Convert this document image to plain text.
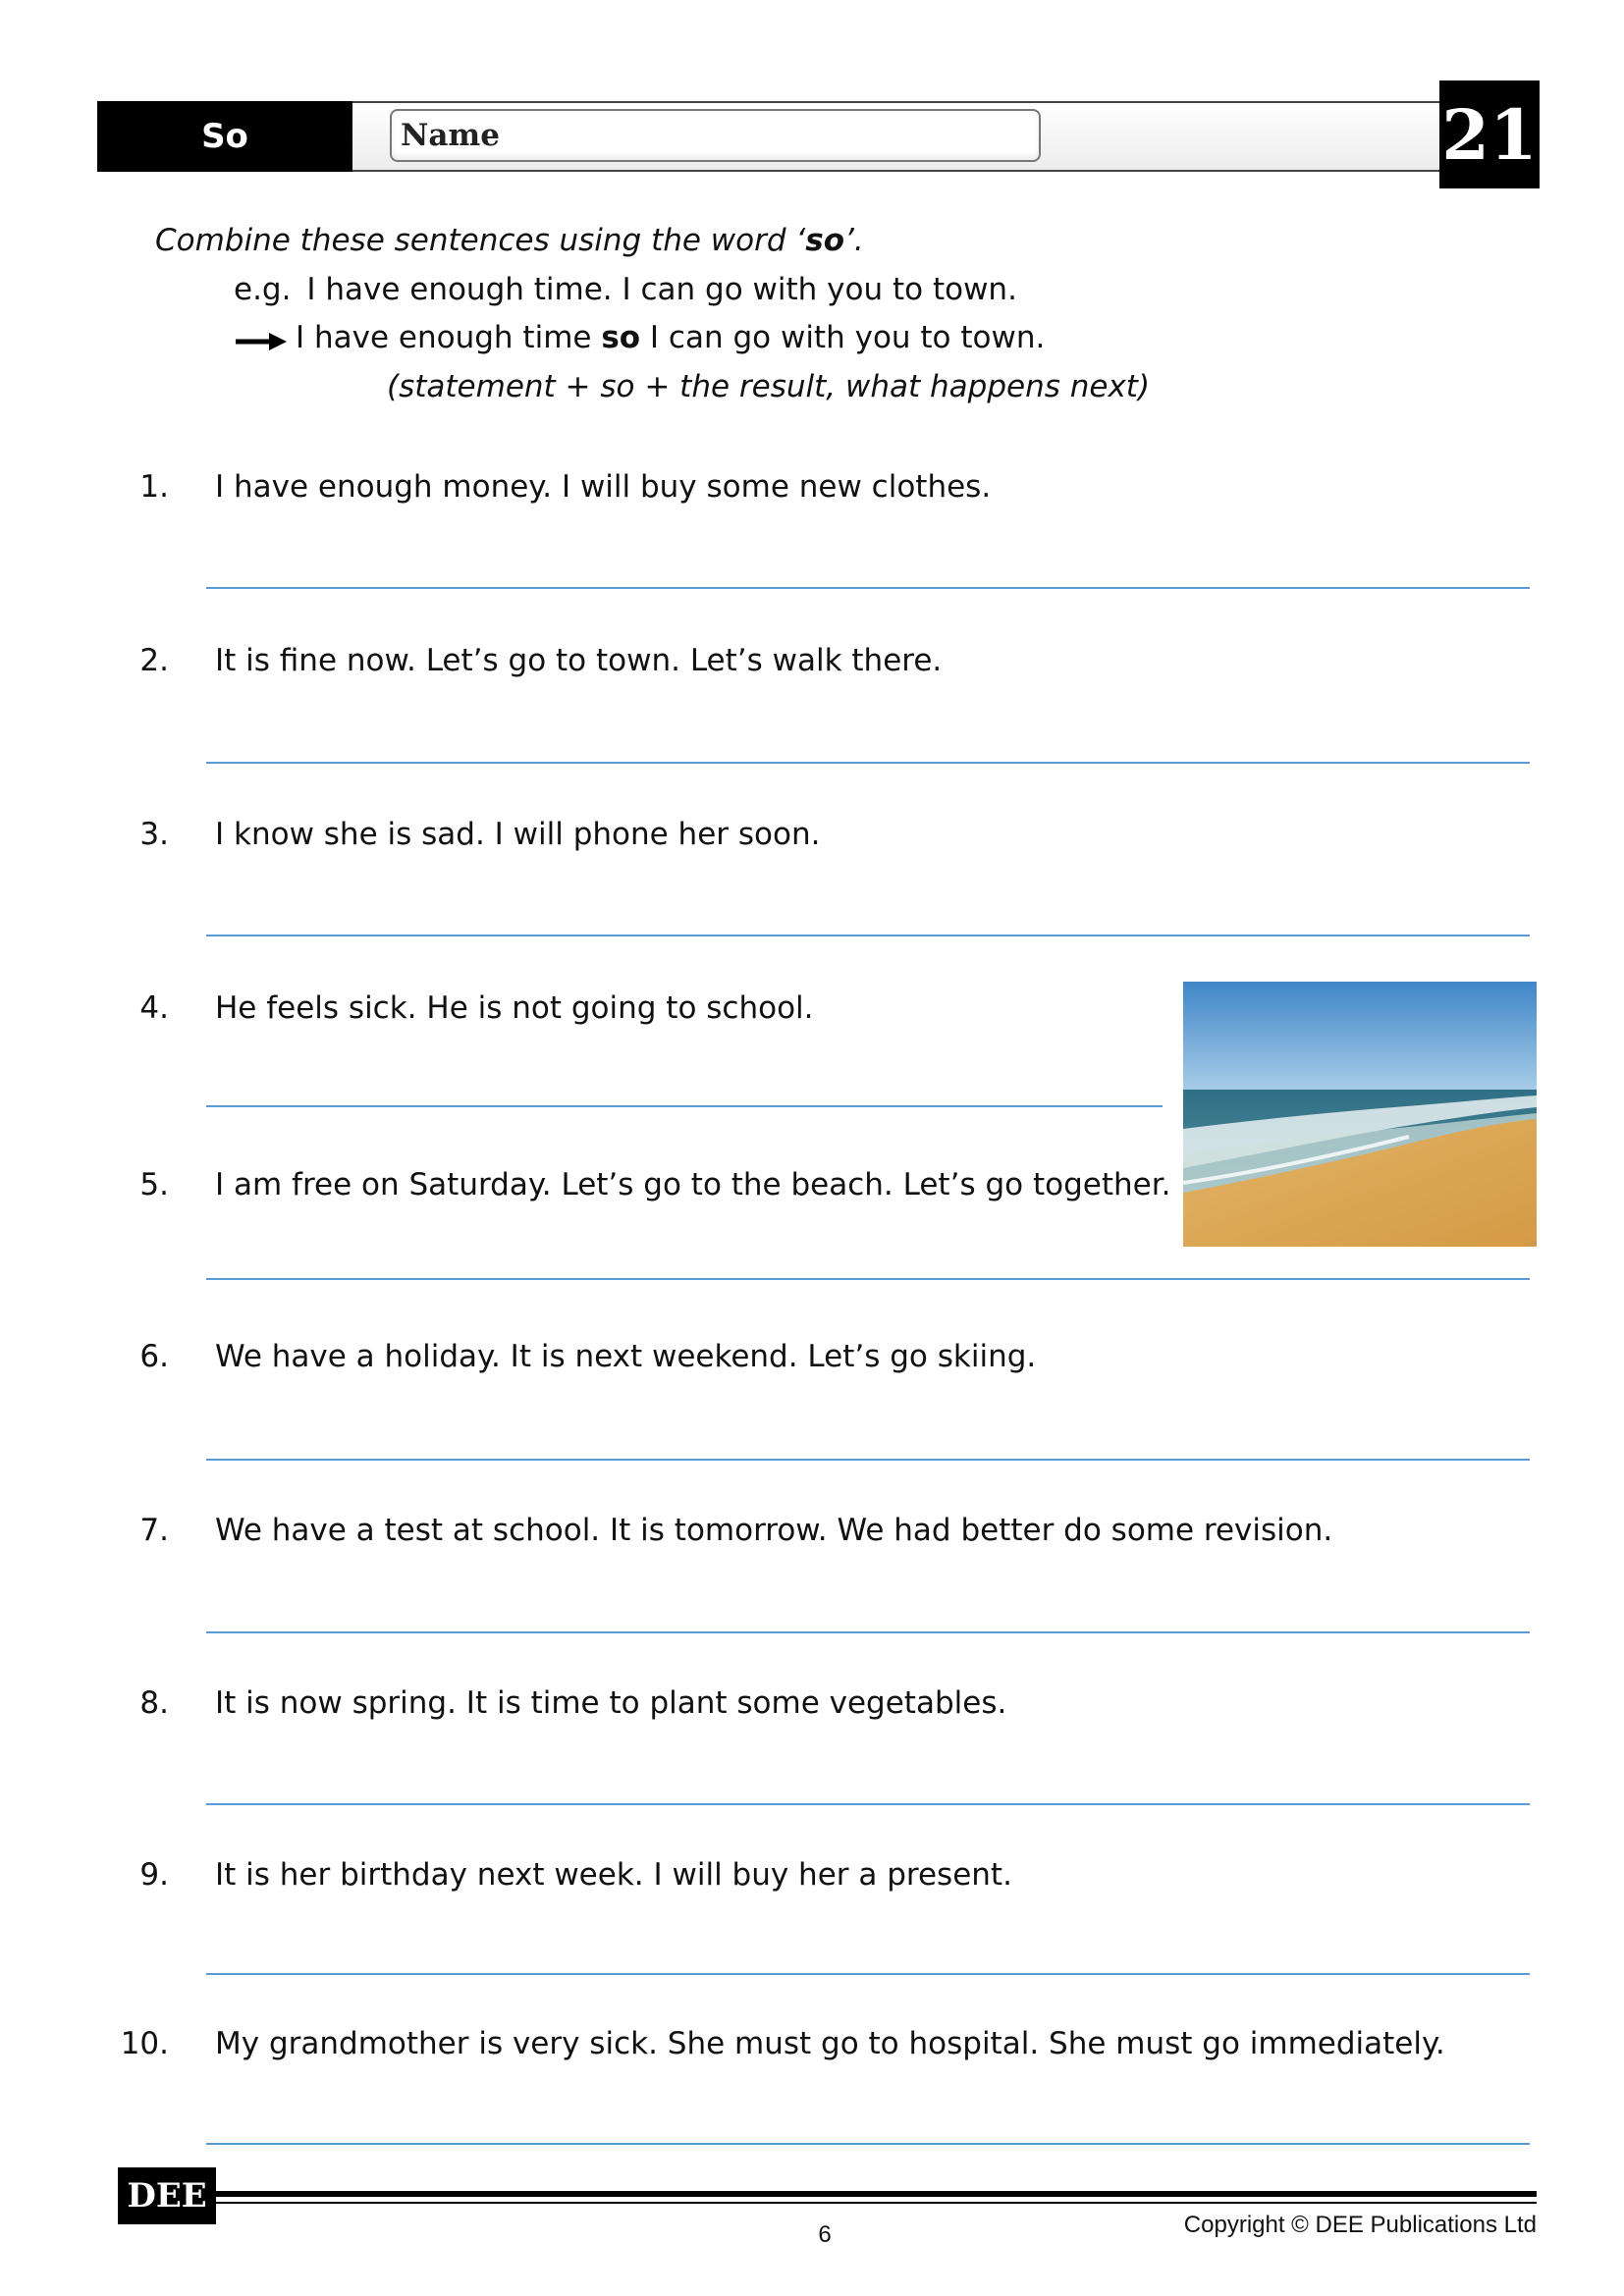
So	Name	21
Combine these sentences using the word ‘so’.
e.g. I have enough time. I can go with you to town.
I have enough time so I can go with you to town.
(statement + so + the result, what happens next)
1. I have enough money. I will buy some new clothes.
2. It is fine now. Let’s go to town. Let’s walk there.
3. I know she is sad. I will phone her soon.
4. He feels sick. He is not going to school.
5. I am free on Saturday. Let’s go to the beach. Let’s go together.
6. We have a holiday. It is next weekend. Let’s go skiing.
7. We have a test at school. It is tomorrow. We had better do some revision.
8. It is now spring. It is time to plant some vegetables.
9. It is her birthday next week. I will buy her a present.
10. My grandmother is very sick. She must go to hospital. She must go immediately.
DEE
Copyright © DEE Publications Ltd
6
